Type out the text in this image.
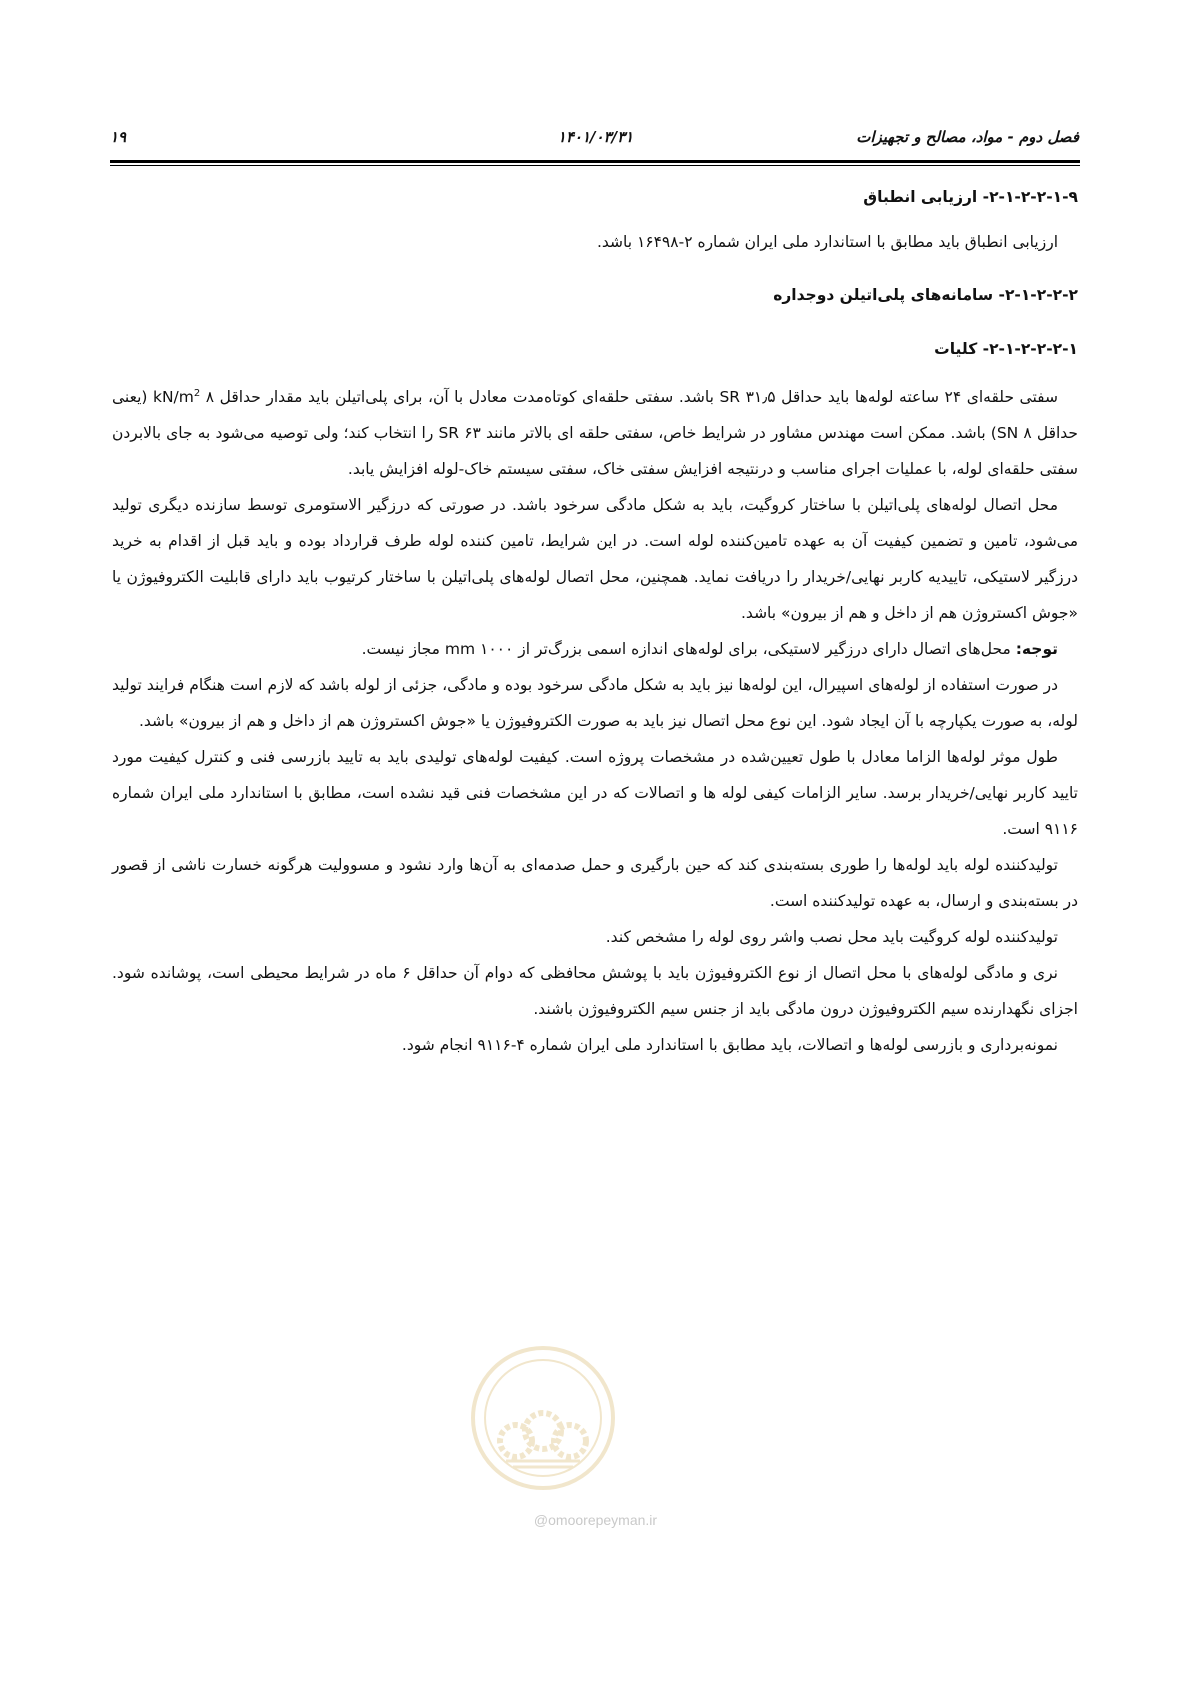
۱۹	۱۴۰۱/۰۳/۳۱	فصل دوم - مواد، مصالح و تجهیزات

۲-۱-۲-۲-۱-۹- ارزیابی انطباق

ارزیابی انطباق باید مطابق با استاندارد ملی ایران شماره ۲-۱۶۴۹۸ باشد.

۲-۱-۲-۲-۲- سامانه‌های پلی‌اتیلن دوجداره

۲-۱-۲-۲-۲-۱- کلیات

سفتی حلقه‌ای ۲۴ ساعته لوله‌ها باید حداقل SR ۳۱٫۵ باشد. سفتی حلقه‌ای کوتاه‌مدت معادل با آن، برای پلی‌اتیلن باید مقدار حداقل ۸ $kN/m^2$ (یعنی حداقل SN ۸) باشد. ممکن است مهندس مشاور در شرایط خاص، سفتی حلقه ای بالاتر مانند SR ۶۳ را انتخاب کند؛ ولی توصیه می‌شود به جای بالابردن سفتی حلقه‌ای لوله، با عملیات اجرای مناسب و درنتیجه افزایش سفتی خاک، سفتی سیستم خاک-لوله افزایش یابد.

محل اتصال لوله‌های پلی‌اتیلن با ساختار کروگیت، باید به شکل مادگی سرخود باشد. در صورتی که درزگیر الاستومری توسط سازنده دیگری تولید می‌شود، تامین و تضمین کیفیت آن به عهده تامین‌کننده لوله است. در این شرایط، تامین کننده لوله طرف قرارداد بوده و باید قبل از اقدام به خرید درزگیر لاستیکی، تاییدیه کاربر نهایی/خریدار را دریافت نماید. همچنین، محل اتصال لوله‌های پلی‌اتیلن با ساختار کرتیوب باید دارای قابلیت الکتروفیوژن یا «جوش اکستروژن هم از داخل و هم از بیرون» باشد.

توجه: محل‌های اتصال دارای درزگیر لاستیکی، برای لوله‌های اندازه اسمی بزرگ‌تر از mm ۱۰۰۰ مجاز نیست.

در صورت استفاده از لوله‌های اسپیرال، این لوله‌ها نیز باید به شکل مادگی سرخود بوده و مادگی، جزئی از لوله باشد که لازم است هنگام فرایند تولید لوله، به صورت یکپارچه با آن ایجاد شود. این نوع محل اتصال نیز باید به صورت الکتروفیوژن یا «جوش اکستروژن هم از داخل و هم از بیرون» باشد.

طول موثر لوله‌ها الزاما معادل با طول تعیین‌شده در مشخصات پروژه است. کیفیت لوله‌های تولیدی باید به تایید بازرسی فنی و کنترل کیفیت مورد تایید کاربر نهایی/خریدار برسد. سایر الزامات کیفی لوله ها و اتصالات که در این مشخصات فنی قید نشده است، مطابق با استاندارد ملی ایران شماره ۹۱۱۶ است.

تولیدکننده لوله باید لوله‌ها را طوری بسته‌بندی کند که حین بارگیری و حمل صدمه‌ای به آن‌ها وارد نشود و مسوولیت هرگونه خسارت ناشی از قصور در بسته‌بندی و ارسال، به عهده تولیدکننده است.

تولیدکننده لوله کروگیت باید محل نصب واشر روی لوله را مشخص کند.

نری و مادگی لوله‌های با محل اتصال از نوع الکتروفیوژن باید با پوشش محافظی که دوام آن حداقل ۶ ماه در شرایط محیطی است، پوشانده شود. اجزای نگهدارنده سیم الکتروفیوژن درون مادگی باید از جنس سیم الکتروفیوژن باشند.

نمونه‌برداری و بازرسی لوله‌ها و اتصالات، باید مطابق با استاندارد ملی ایران شماره ۴-۹۱۱۶ انجام شود.

@omoorepeyman.ir
